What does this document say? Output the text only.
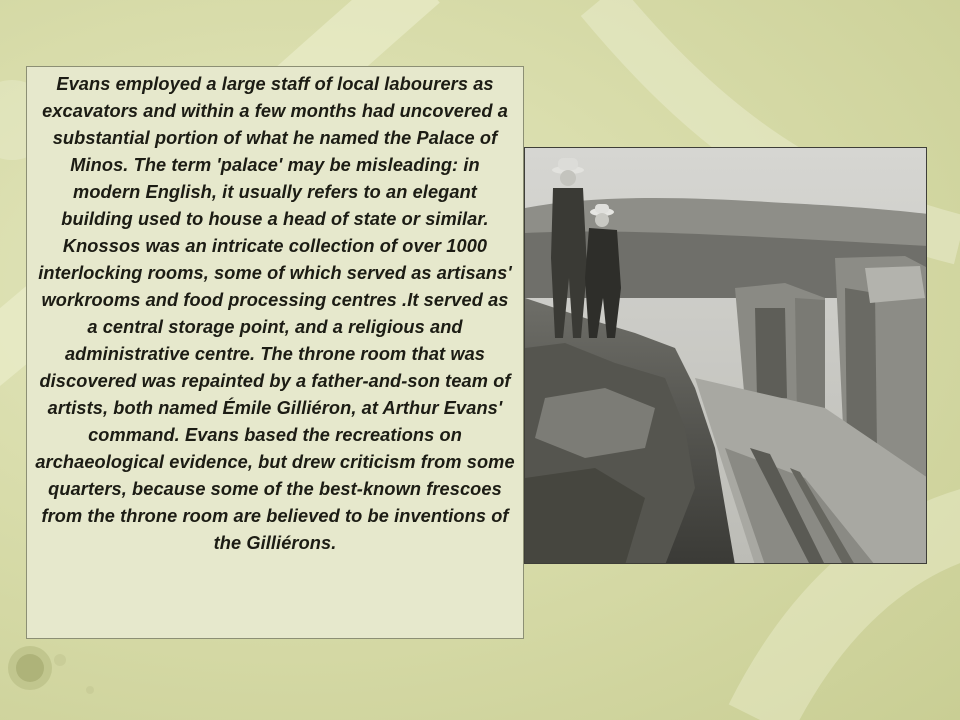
Evans employed a large staff of local labourers as excavators and within a few months had uncovered a substantial portion of what he named the Palace of Minos. The term 'palace' may be misleading: in modern English, it usually refers to an elegant building used to house a head of state or similar. Knossos was an intricate collection of over 1000 interlocking rooms, some of which served as artisans' workrooms and food processing centres .It served as a central storage point, and a religious and administrative centre. The throne room that was discovered was repainted by a father-and-son team of artists, both named Émile Gilliéron, at Arthur Evans' command. Evans based the recreations on archaeological evidence, but drew criticism from some quarters, because some of the best-known frescoes from the throne room are believed to be inventions of the Gilliérons.
